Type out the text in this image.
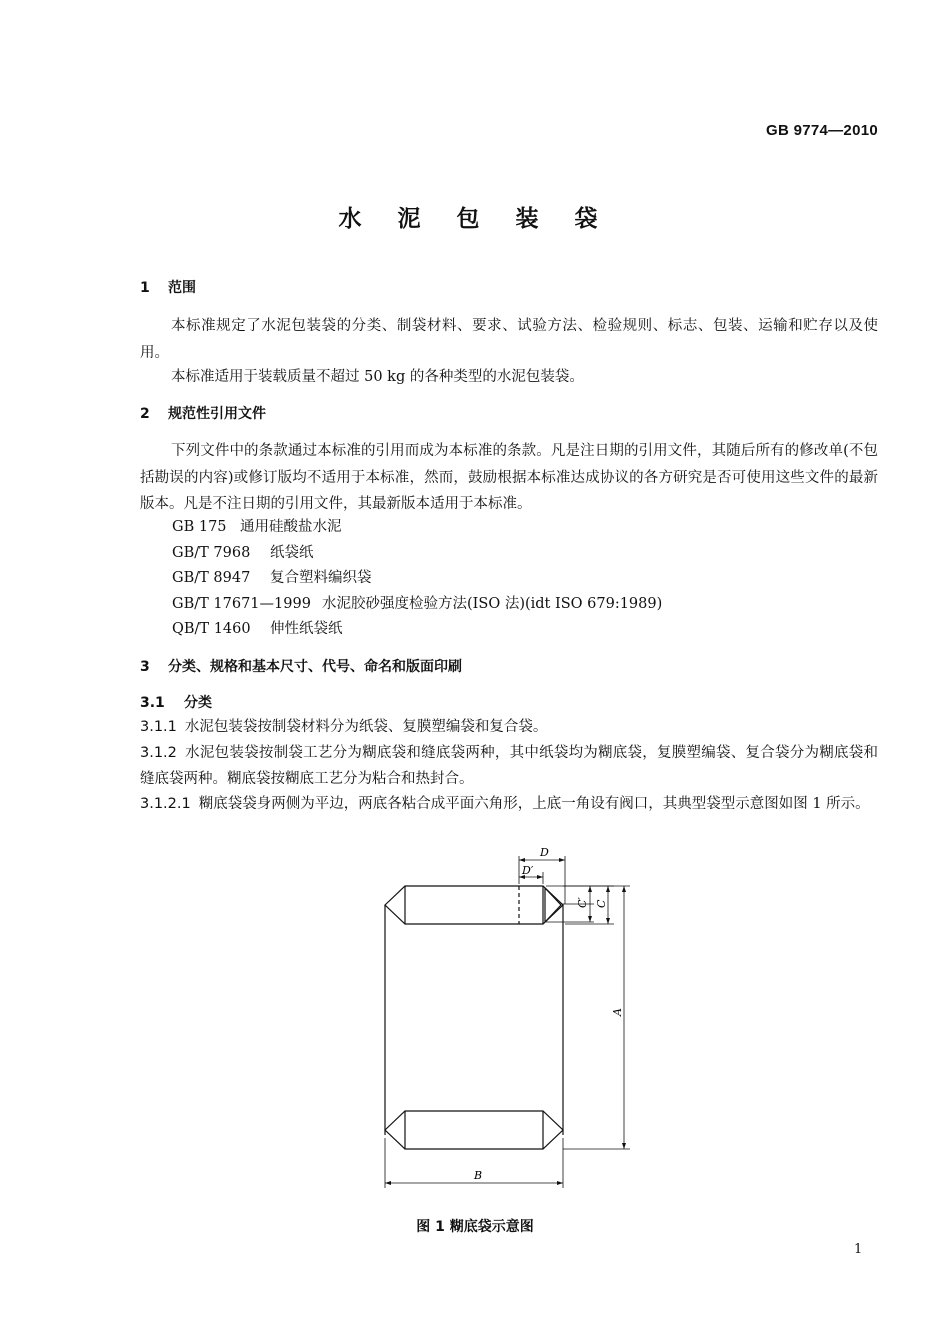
GB 9774—2010
水 泥 包 装 袋
1 范围
本标准规定了水泥包装袋的分类、制袋材料、要求、试验方法、检验规则、标志、包装、运输和贮存以及使用。
本标准适用于装载质量不超过 50 kg 的各种类型的水泥包装袋。
2 规范性引用文件
下列文件中的条款通过本标准的引用而成为本标准的条款。凡是注日期的引用文件，其随后所有的修改单(不包括勘误的内容)或修订版均不适用于本标准，然而，鼓励根据本标准达成协议的各方研究是否可使用这些文件的最新版本。凡是不注日期的引用文件，其最新版本适用于本标准。
GB 175 通用硅酸盐水泥
GB/T 7968 纸袋纸
GB/T 8947 复合塑料编织袋
GB/T 17671—1999 水泥胶砂强度检验方法(ISO 法)(idt ISO 679:1989)
QB/T 1460 伸性纸袋纸
3 分类、规格和基本尺寸、代号、命名和版面印刷
3.1 分类
3.1.1 水泥包装袋按制袋材料分为纸袋、复膜塑编袋和复合袋。
3.1.2 水泥包装袋按制袋工艺分为糊底袋和缝底袋两种，其中纸袋均为糊底袋，复膜塑编袋、复合袋分为糊底袋和缝底袋两种。糊底袋按糊底工艺分为粘合和热封合。
3.1.2.1 糊底袋袋身两侧为平边，两底各粘合成平面六角形，上底一角设有阀口，其典型袋型示意图如图 1 所示。
D
D′
C′ C
A
B
图 1 糊底袋示意图
1
